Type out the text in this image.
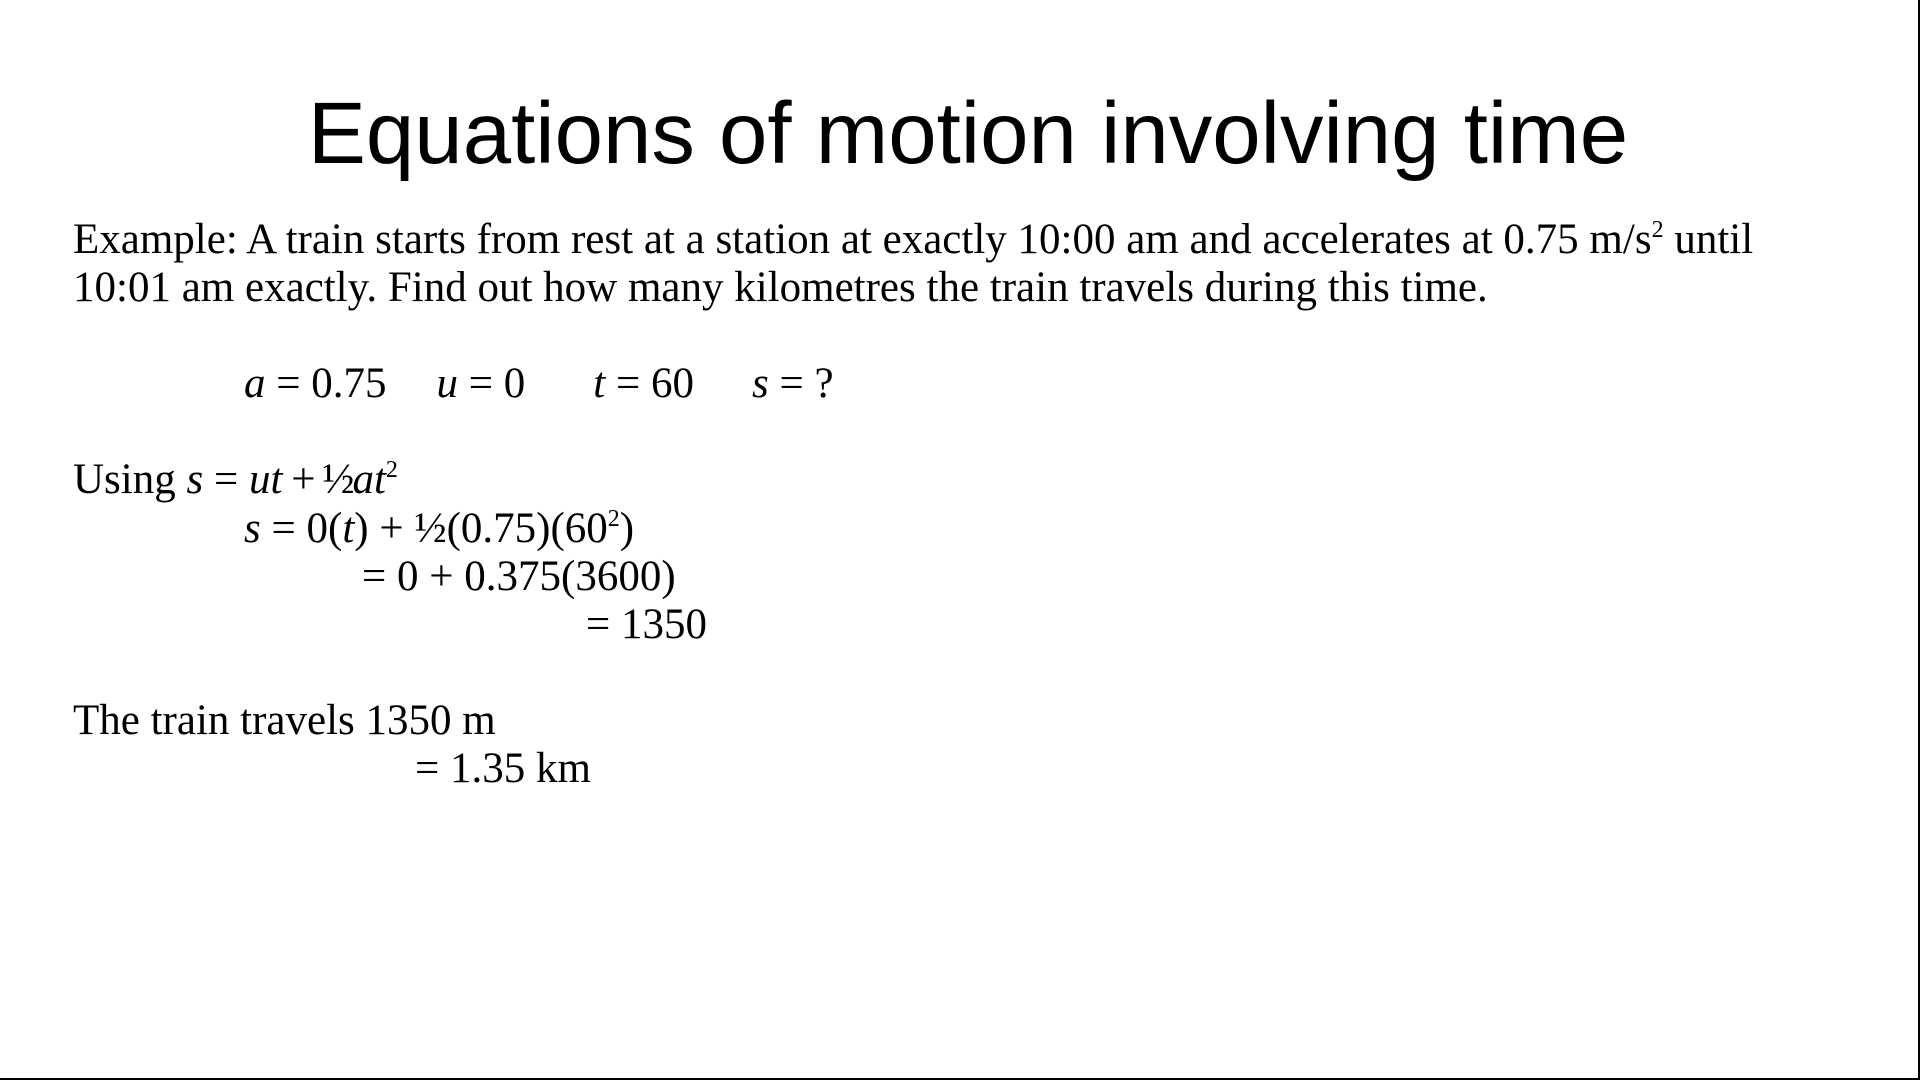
Equations of motion involving time
Example: A train starts from rest at a station at exactly 10:00 am and accelerates at 0.75 $m/s^2$ until
10:01 am exactly. Find out how many kilometres the train travels during this time.
a = 0.75 u = 0 t = 60 s = ?
Using s = ut + $\frac{1}{2}at^2$
$s = 0(t) + \frac{1}{2}(0.75)(60^2)$
= 0 + 0.375(3600)
= 1350
The train travels 1350 m
= 1.35 km
